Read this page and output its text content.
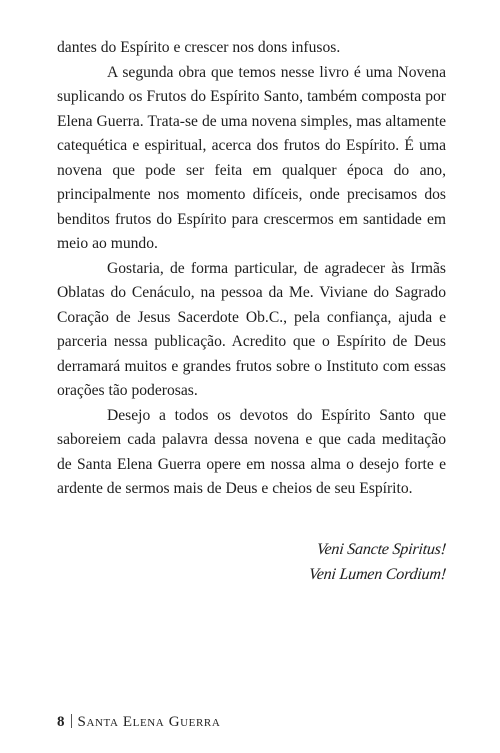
dantes do Espírito e crescer nos dons infusos.

A segunda obra que temos nesse livro é uma Novena suplicando os Frutos do Espírito Santo, também composta por Elena Guerra. Trata-se de uma novena simples, mas altamente catequética e espiritual, acerca dos frutos do Espírito. É uma novena que pode ser feita em qualquer época do ano, principalmente nos momento difíceis, onde precisamos dos benditos frutos do Espírito para crescermos em santidade em meio ao mundo.

Gostaria, de forma particular, de agradecer às Irmãs Oblatas do Cenáculo, na pessoa da Me. Viviane do Sagrado Coração de Jesus Sacerdote Ob.C., pela confiança, ajuda e parceria nessa publicação. Acredito que o Espírito de Deus derramará muitos e grandes frutos sobre o Instituto com essas orações tão poderosas.

Desejo a todos os devotos do Espírito Santo que saboreiem cada palavra dessa novena e que cada meditação de Santa Elena Guerra opere em nossa alma o desejo forte e ardente de sermos mais de Deus e cheios de seu Espírito.

Veni Sancte Spiritus!
Veni Lumen Cordium!
8 Santa Elena Guerra
